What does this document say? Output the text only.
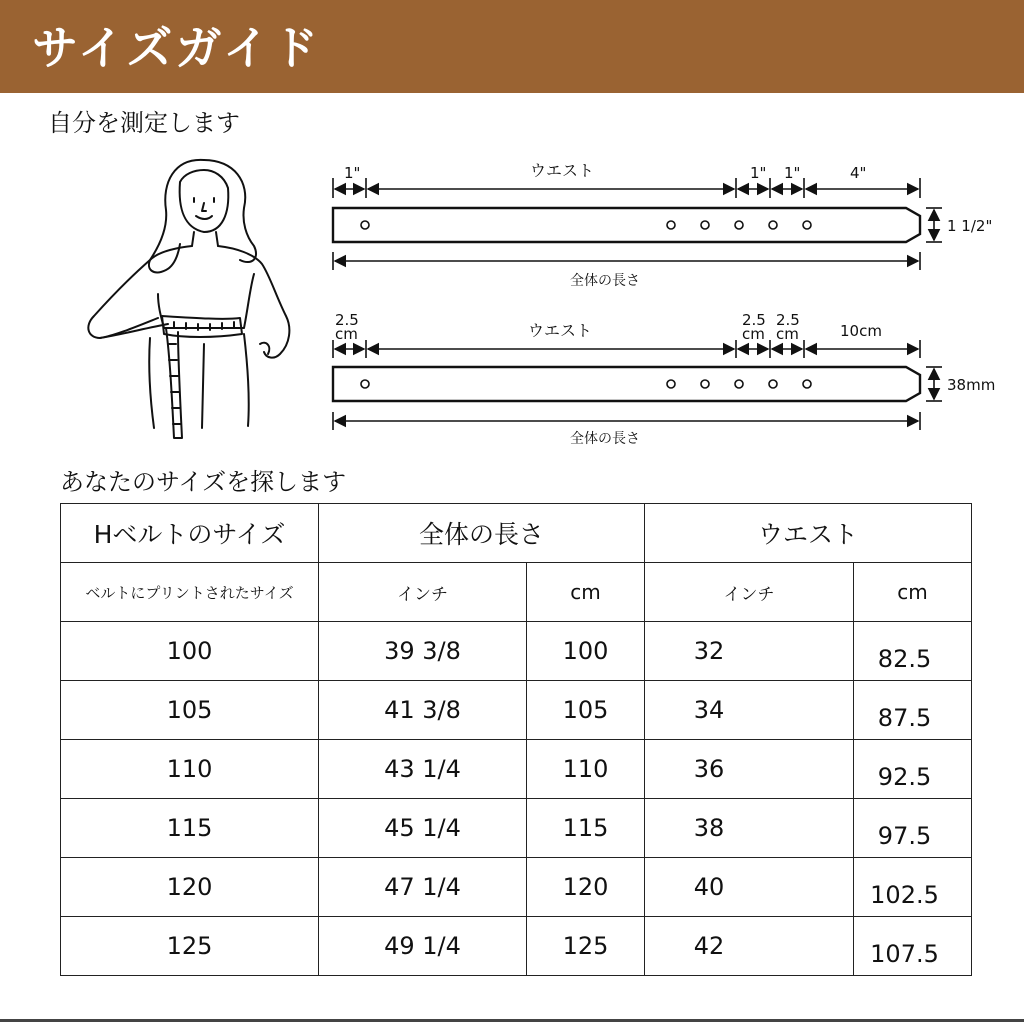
サイズガイド
自分を測定します
1"	ウエスト	1" 1"	4"
1 1/2"
全体の長さ
2.5
cm	ウエスト
2.5
cm
2.5
cm	10cm
38mm
全体の長さ
あなたのサイズを探します
Hベルトのサイズ	全体の長さ		ウエスト	
ベルトにプリントされたサイズ	インチ	cm	インチ	cm
100	39 3/8	100	32	82.5
105	41 3/8	105	34	87.5
110	43 1/4	110	36	92.5
115	45 1/4	115	38	97.5
120	47 1/4	120	40	102.5
125	49 1/4	125	42	107.5
